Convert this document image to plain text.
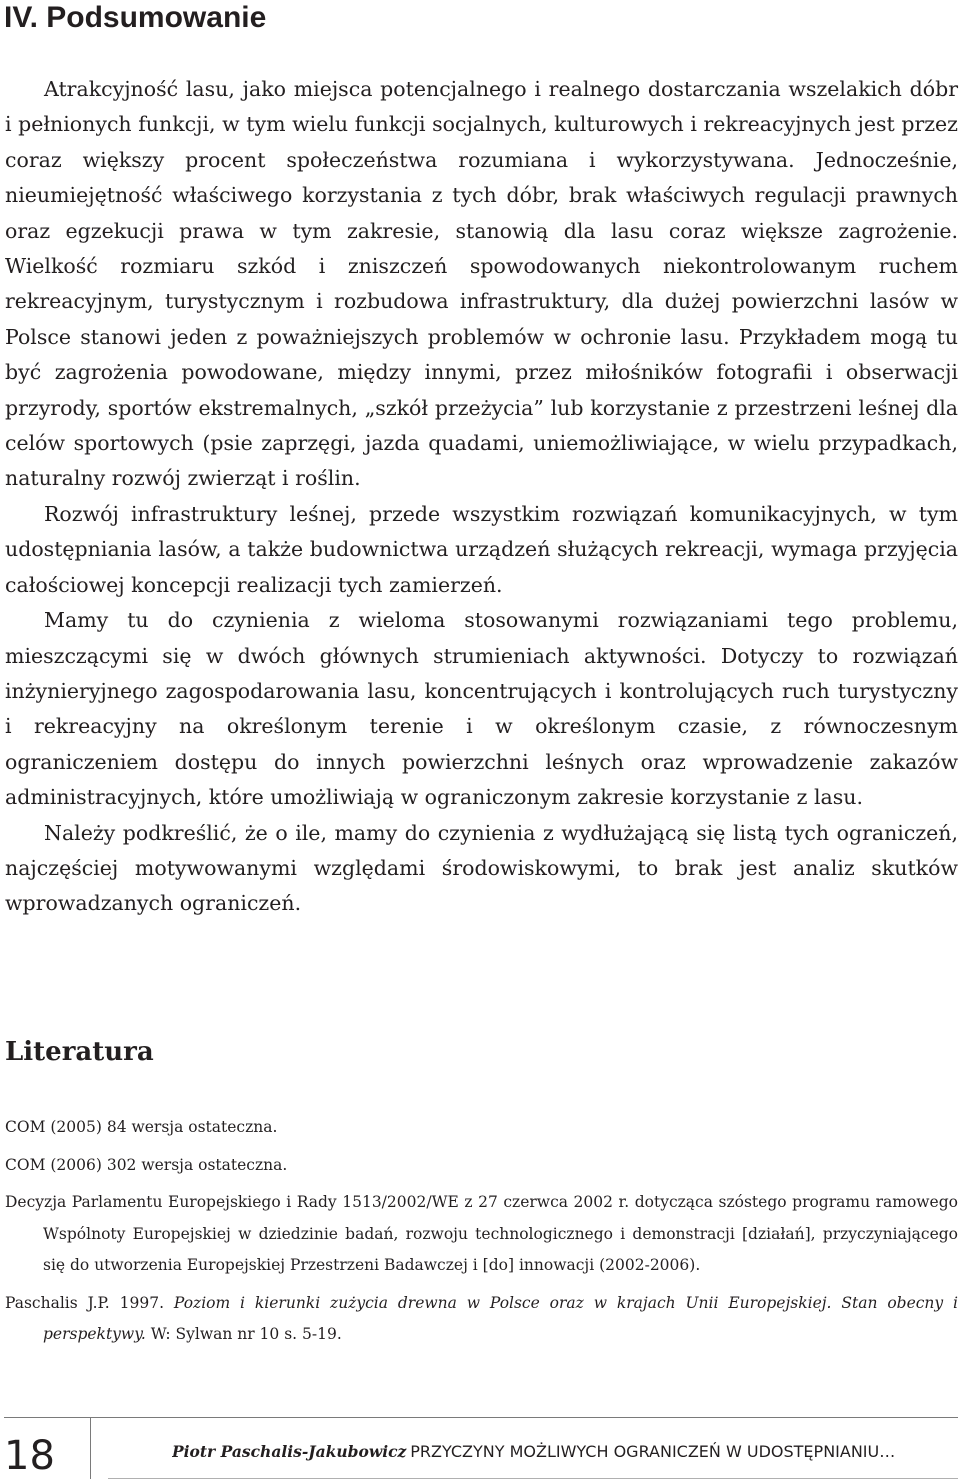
IV. Podsumowanie

Atrakcyjność lasu, jako miejsca potencjalnego i realnego dostarczania wszelakich dóbr i pełnionych funkcji, w tym wielu funkcji socjalnych, kulturowych i rekreacyjnych jest przez coraz większy procent społeczeństwa rozumiana i wykorzystywana. Jednocześnie, nieumiejętność właściwego korzystania z tych dóbr, brak właściwych regulacji prawnych oraz egzekucji prawa w tym zakresie, stanowią dla lasu coraz większe zagrożenie. Wielkość rozmiaru szkód i zniszczeń spowodowanych niekontrolowanym ruchem rekreacyjnym, turystycznym i rozbudowa infrastruktury, dla dużej powierzchni lasów w Polsce stanowi jeden z poważniejszych problemów w ochronie lasu. Przykładem mogą tu być zagrożenia powodowane, między innymi, przez miłośników fotografii i obserwacji przyrody, sportów ekstremalnych, „szkół przeżycia” lub korzystanie z przestrzeni leśnej dla celów sportowych (psie zaprzęgi, jazda quadami, uniemożliwiające, w wielu przypadkach, naturalny rozwój zwierząt i roślin.

Rozwój infrastruktury leśnej, przede wszystkim rozwiązań komunikacyjnych, w tym udostępniania lasów, a także budownictwa urządzeń służących rekreacji, wymaga przyjęcia całościowej koncepcji realizacji tych zamierzeń.

Mamy tu do czynienia z wieloma stosowanymi rozwiązaniami tego problemu, mieszczącymi się w dwóch głównych strumieniach aktywności. Dotyczy to rozwiązań inżynieryjnego zagospodarowania lasu, koncentrujących i kontrolujących ruch turystyczny i rekreacyjny na określonym terenie i w określonym czasie, z równoczesnym ograniczeniem dostępu do innych powierzchni leśnych oraz wprowadzenie zakazów administracyjnych, które umożliwiają w ograniczonym zakresie korzystanie z lasu.

Należy podkreślić, że o ile, mamy do czynienia z wydłużającą się listą tych ograniczeń, najczęściej motywowanymi względami środowiskowymi, to brak jest analiz skutków wprowadzanych ograniczeń.

Literatura

COM (2005) 84 wersja ostateczna.

COM (2006) 302 wersja ostateczna.

Decyzja Parlamentu Europejskiego i Rady 1513/2002/WE z 27 czerwca 2002 r. dotycząca szóstego programu ramowego Wspólnoty Europejskiej w dziedzinie badań, rozwoju technologicznego i demonstracji [działań], przyczyniającego się do utworzenia Europejskiej Przestrzeni Badawczej i [do] innowacji (2002-2006).

Paschalis J.P. 1997. Poziom i kierunki zużycia drewna w Polsce oraz w krajach Unii Europejskiej. Stan obecny i perspektywy. W: Sylwan nr 10 s. 5-19.

18	Piotr Paschalis-Jakubowicz PRZYCZYNY MOŻLIWYCH OGRANICZEŃ W UDOSTĘPNIANIU…
